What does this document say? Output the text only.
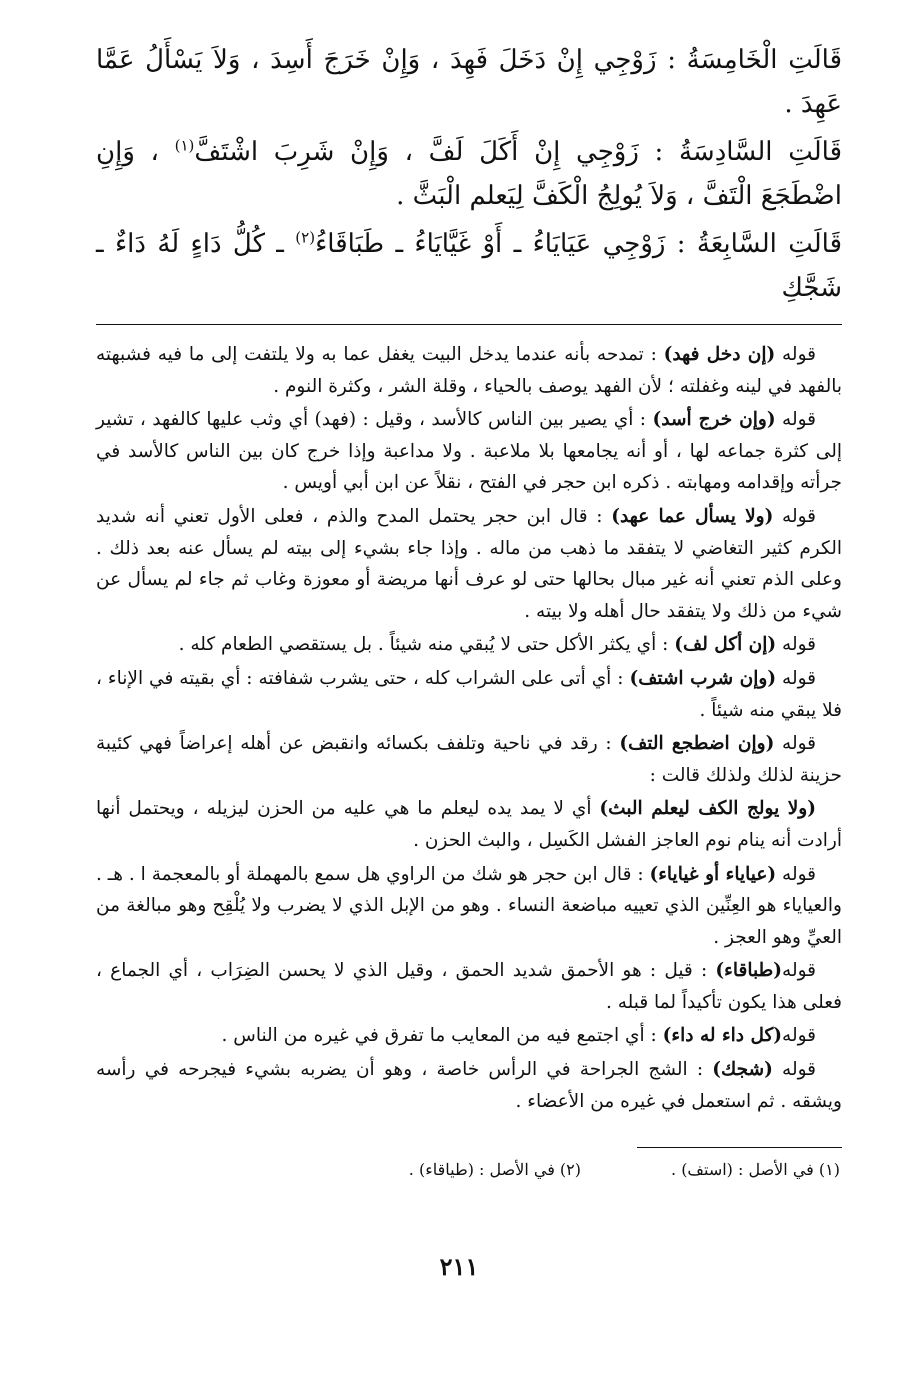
قَالَتِ الْخَامِسَةُ : زَوْجِي إِنْ دَخَلَ فَهِدَ ، وَإِنْ خَرَجَ أَسِدَ ، وَلاَ يَسْأَلُ عَمَّا عَهِدَ .

قَالَتِ السَّادِسَةُ : زَوْجِي إِنْ أَكَلَ لَفَّ ، وَإِنْ شَرِبَ اشْتَفَّ$^{(١)}$ ، وَإِنِ اضْطَجَعَ الْتَفَّ ، وَلاَ يُولِجُ الْكَفَّ لِيَعلم الْبَثَّ .

قَالَتِ السَّابِعَةُ : زَوْجِي عَيَايَاءُ ـ أَوْ غَيَّايَاءُ ـ طَبَاقَاءُ$^{(٢)}$ ـ كُلُّ دَاءٍ لَهُ دَاءٌ ـ شَجَّكِ

قوله (إن دخل فهد) : تمدحه بأنه عندما يدخل البيت يغفل عما به ولا يلتفت إلى ما فيه فشبهته بالفهد في لينه وغفلته ؛ لأن الفهد يوصف بالحياء ، وقلة الشر ، وكثرة النوم .

قوله (وإن خرج أسد) : أي يصير بين الناس كالأسد ، وقيل : (فهد) أي وثب عليها كالفهد ، تشير إلى كثرة جماعه لها ، أو أنه يجامعها بلا ملاعبة . ولا مداعبة وإذا خرج كان بين الناس كالأسد في جرأته وإقدامه ومهابته . ذكره ابن حجر في الفتح ، نقلاً عن ابن أبي أويس .

قوله (ولا يسأل عما عهد) : قال ابن حجر يحتمل المدح والذم ، فعلى الأول تعني أنه شديد الكرم كثير التغاضي لا يتفقد ما ذهب من ماله . وإذا جاء بشيء إلى بيته لم يسأل عنه بعد ذلك . وعلى الذم تعني أنه غير مبال بحالها حتى لو عرف أنها مريضة أو معوزة وغاب ثم جاء لم يسأل عن شيء من ذلك ولا يتفقد حال أهله ولا بيته .

قوله (إن أكل لف) : أي يكثر الأكل حتى لا يُبقي منه شيئاً . بل يستقصي الطعام كله .

قوله (وإن شرب اشتف) : أي أتى على الشراب كله ، حتى يشرب شفافته : أي بقيته في الإناء ، فلا يبقي منه شيئاً .

قوله (وإن اضطجع التف) : رقد في ناحية وتلفف بكسائه وانقبض عن أهله إعراضاً فهي كئيبة حزينة لذلك ولذلك قالت :

(ولا يولج الكف ليعلم البث) أي لا يمد يده ليعلم ما هي عليه من الحزن ليزيله ، ويحتمل أنها أرادت أنه ينام نوم العاجز الفشل الكَسِل ، والبث الحزن .

قوله (عياياء أو غياياء) : قال ابن حجر هو شك من الراوي هل سمع بالمهملة أو بالمعجمة ا . هـ . والعياياء هو العِنِّين الذي تعييه مباضعة النساء . وهو من الإبل الذي لا يضرب ولا يُلْقِح وهو مبالغة من العيِّ وهو العجز .

قوله(طباقاء) : قيل : هو الأحمق شديد الحمق ، وقيل الذي لا يحسن الضِرَاب ، أي الجماع ، فعلى هذا يكون تأكيداً لما قبله .

قوله(كل داء له داء) : أي اجتمع فيه من المعايب ما تفرق في غيره من الناس .

قوله (شجك) : الشج الجراحة في الرأس خاصة ، وهو أن يضربه بشيء فيجرحه في رأسه ويشقه . ثم استعمل في غيره من الأعضاء .

(١) في الأصل : (استف) .
(٢) في الأصل : (طياقاء) .
٢١١
